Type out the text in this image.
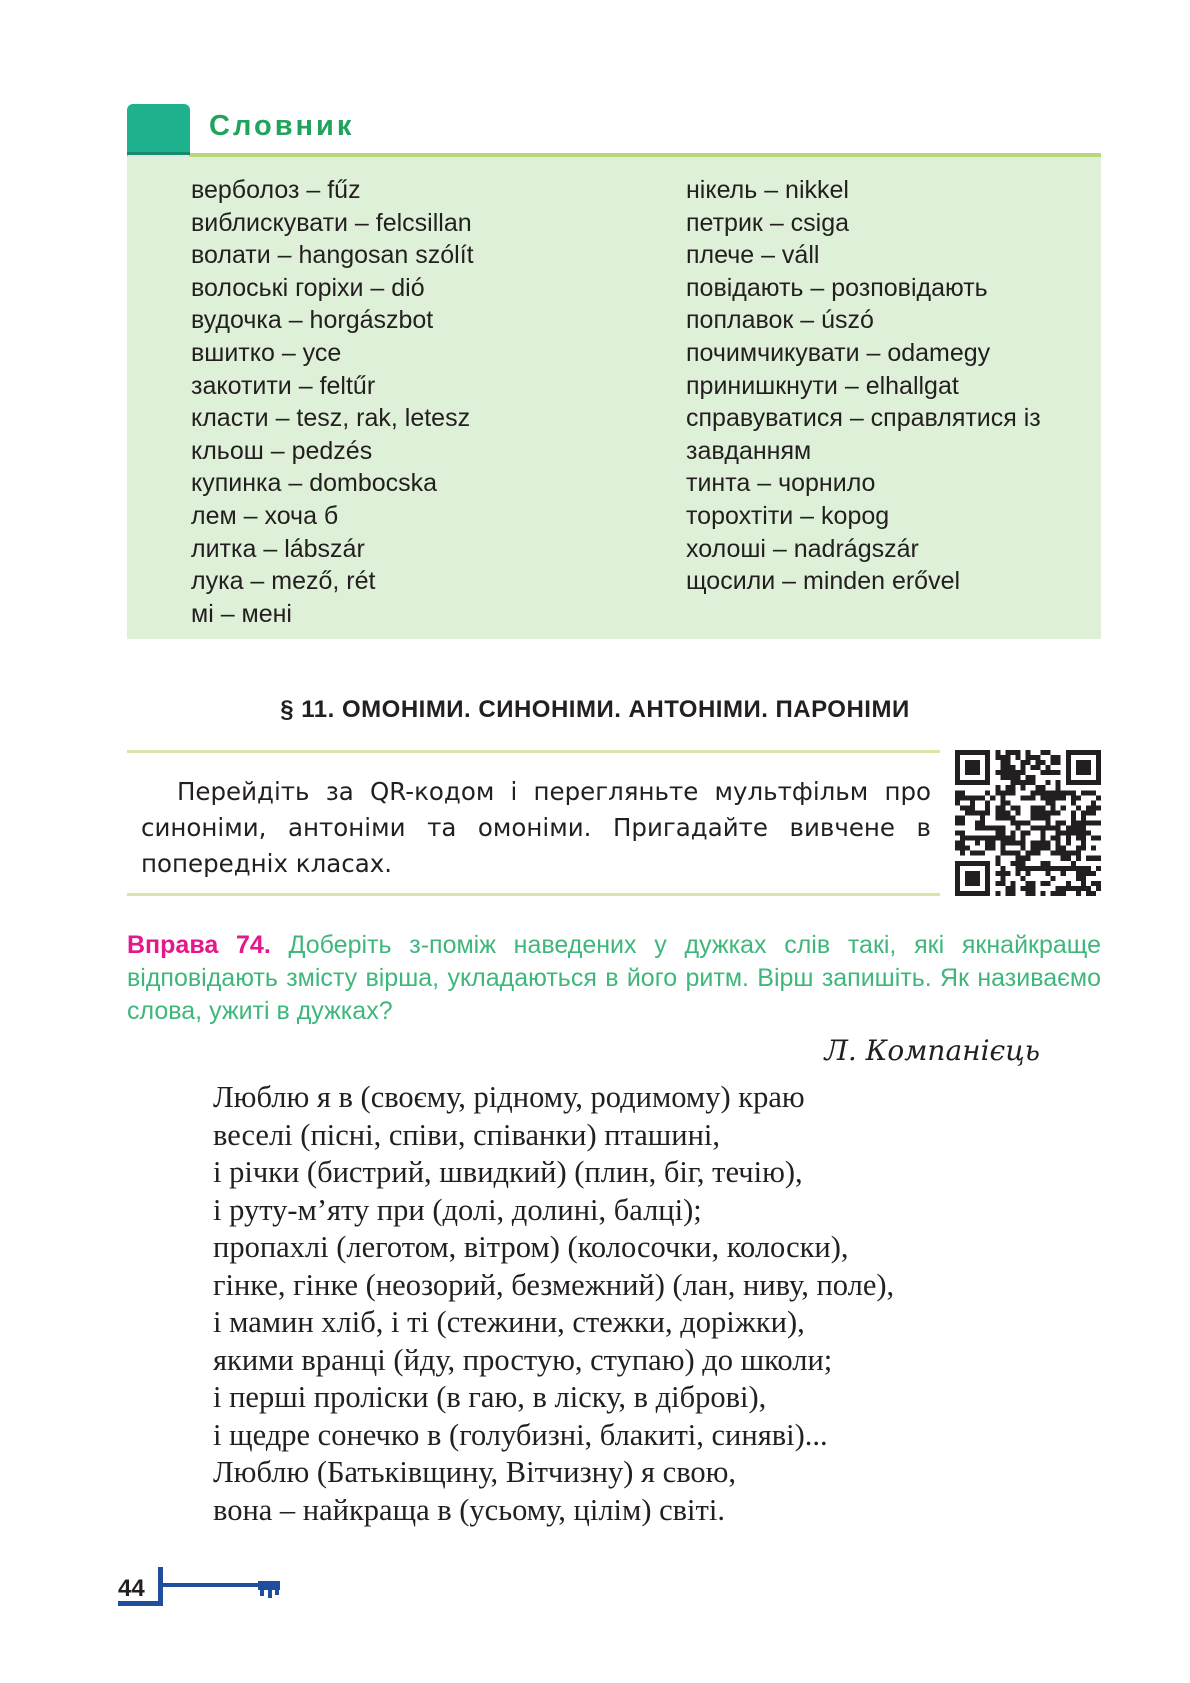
Словник
верболоз – fűz
виблискувати – felcsillan
волати – hangosan szólít
волоські горіхи – dió
вудочка – horgászbot
вшитко – усе
закотити – feltűr
класти – tesz, rak, letesz
кльош – pedzés
купинка – dombocska
лем – хоча б
литка – lábszár
лука – mező, rét
мі – мені
нікель – nikkel
петрик – csiga
плече – váll
повідають – розповідають
поплавок – úszó
почимчикувати – odamegy
принишкнути – elhallgat
справуватися – справлятися із
завданням
тинта – чорнило
торохтіти – kopog
холоші – nadrágszár
щосили – minden erővel
§ 11. ОМОНІМИ. СИНОНІМИ. АНТОНІМИ. ПАРОНІМИ
Перейдіть за QR-кодом і перегляньте мультфільм про синоніми, антоніми та омоніми. Пригадайте вивчене в попередніх класах.
Вправа 74. Доберіть з-поміж наведених у дужках слів такі, які якнайкраще відповідають змісту вірша, укладаються в його ритм. Вірш запишіть. Як називаємо слова, ужиті в дужках?
Л. Компанієць
Люблю я в (своєму, рідному, родимому) краю
веселі (пісні, співи, співанки) пташині,
і річки (бистрий, швидкий) (плин, біг, течію),
і руту-м’яту при (долі, долині, балці);
пропахлі (леготом, вітром) (колосочки, колоски),
гінке, гінке (неозорий, безмежний) (лан, ниву, поле),
і мамин хліб, і ті (стежини, стежки, доріжки),
якими вранці (йду, простую, ступаю) до школи;
і перші проліски (в гаю, в ліску, в діброві),
і щедре сонечко в (голубизні, блакиті, синяві)...
Люблю (Батьківщину, Вітчизну) я свою,
вона – найкраща в (усьому, цілім) світі.
44
